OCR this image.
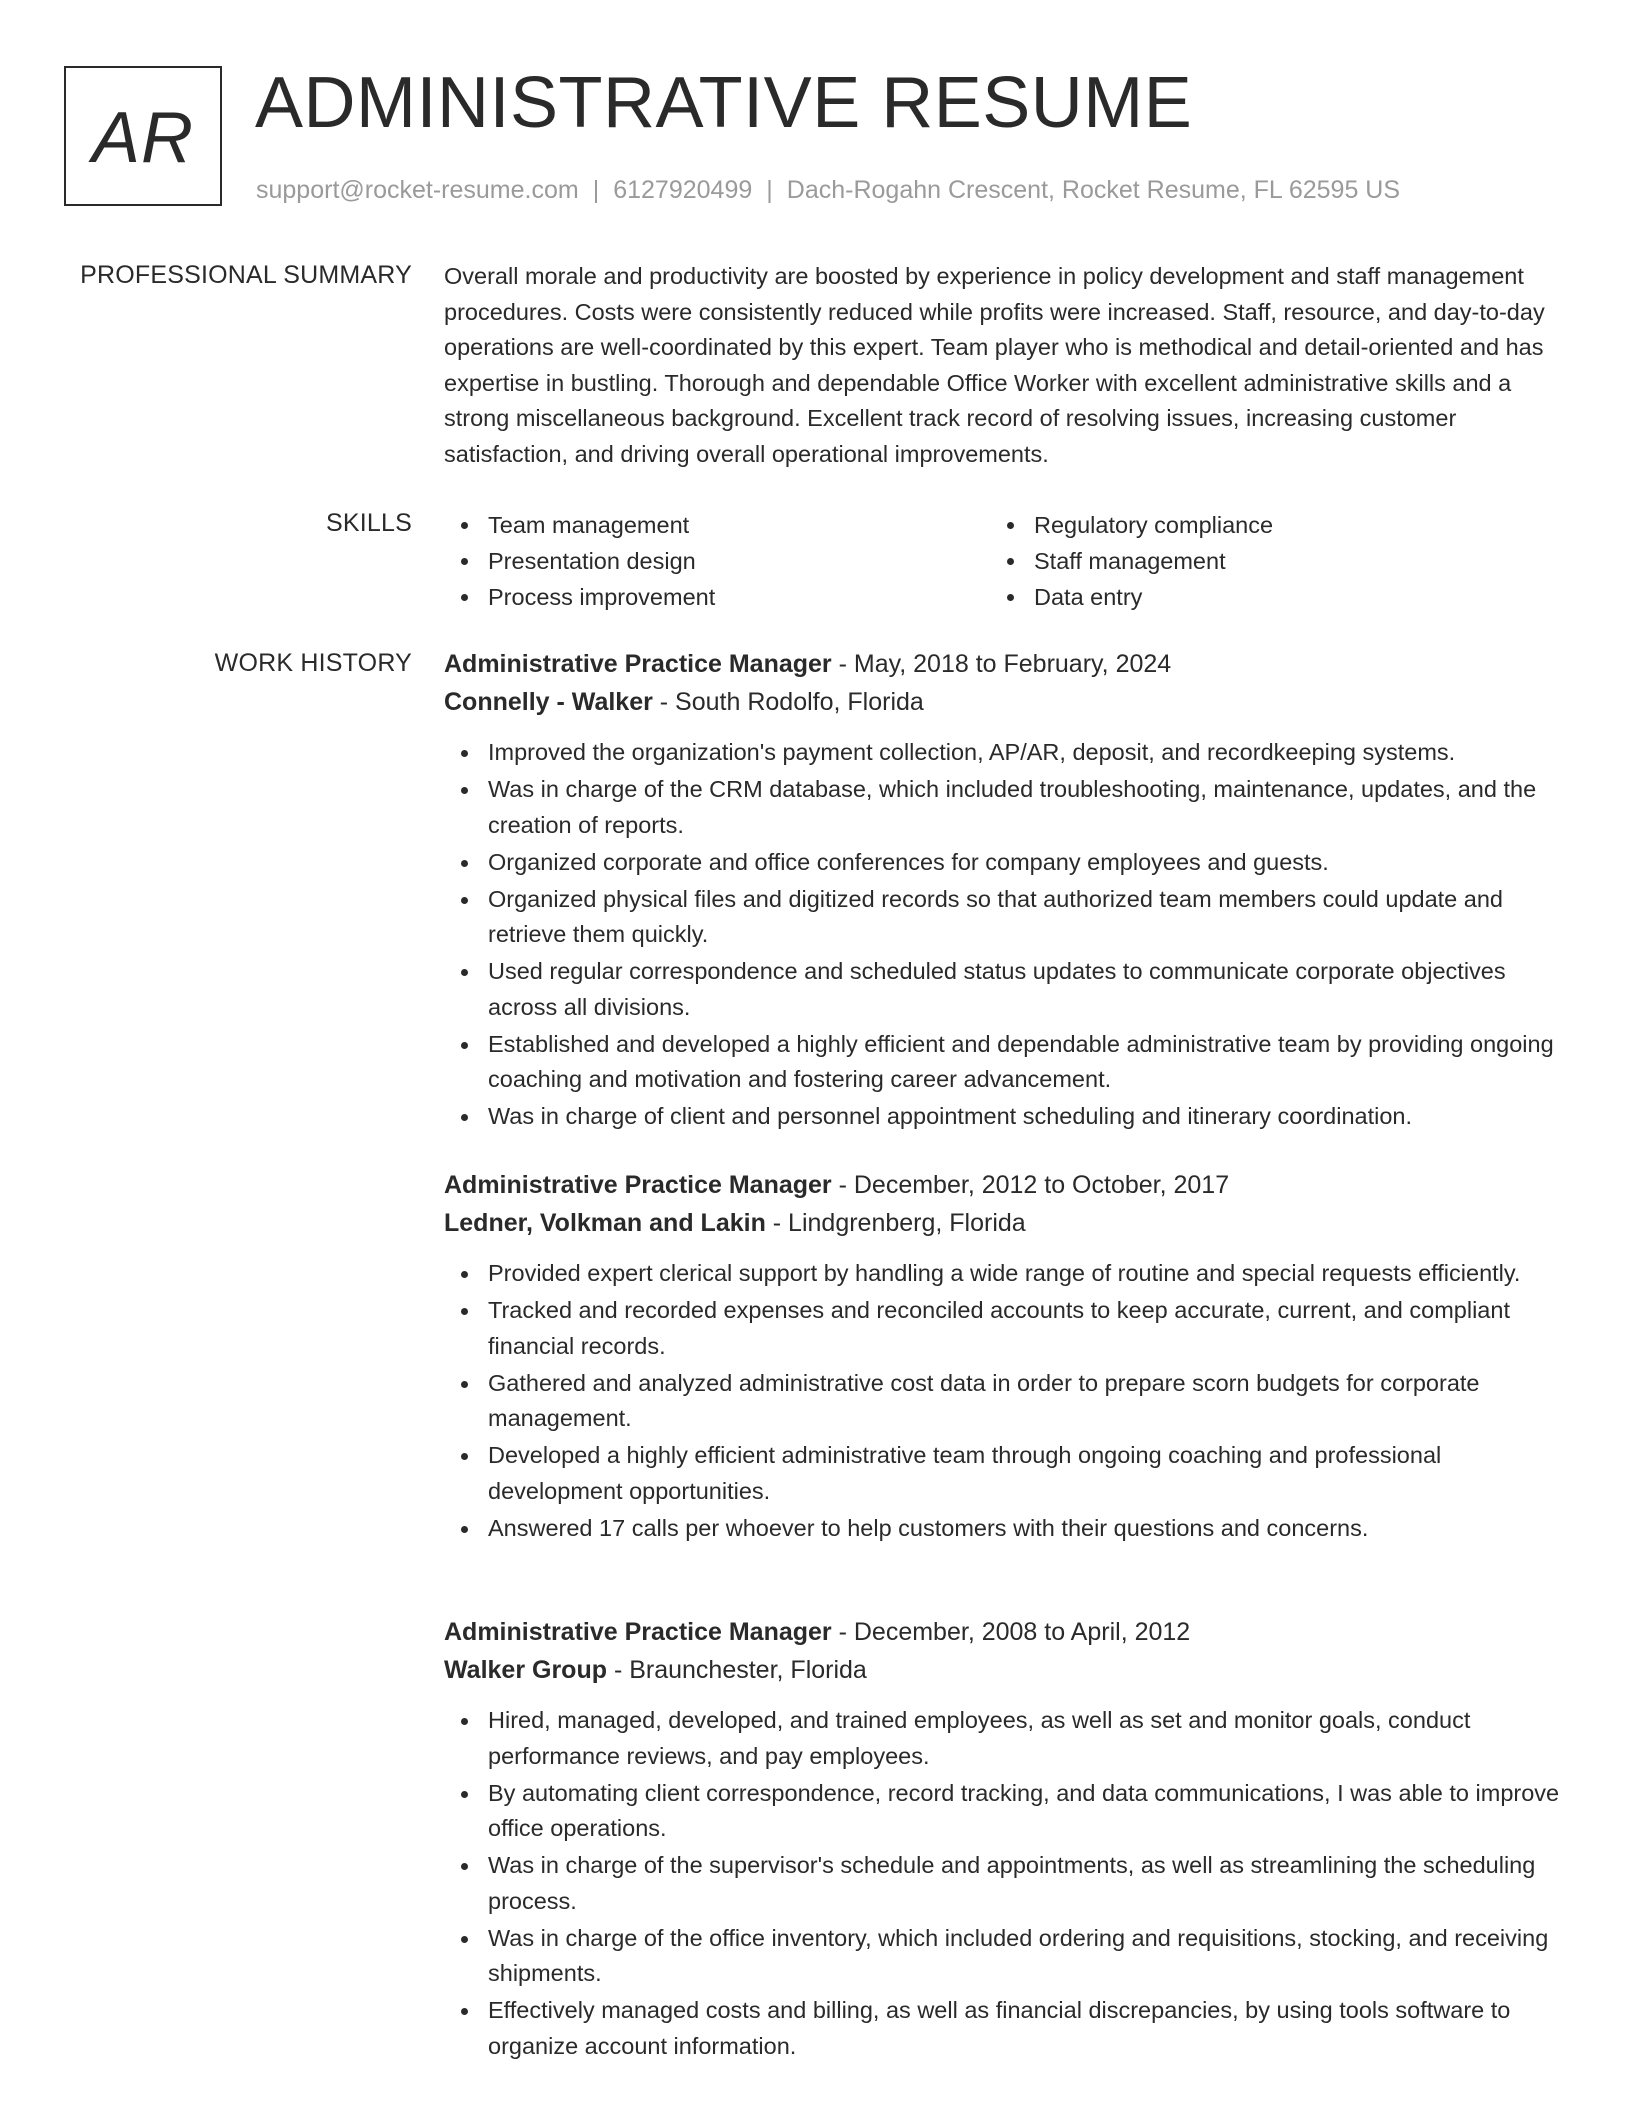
AR ADMINISTRATIVE RESUME
support@rocket-resume.com | 6127920499 | Dach-Rogahn Crescent, Rocket Resume, FL 62595 US
PROFESSIONAL SUMMARY Overall morale and productivity are boosted by experience in policy development and staff management procedures. Costs were consistently reduced while profits were increased. Staff, resource, and day-to-day operations are well-coordinated by this expert. Team player who is methodical and detail-oriented and has expertise in bustling. Thorough and dependable Office Worker with excellent administrative skills and a strong miscellaneous background. Excellent track record of resolving issues, increasing customer satisfaction, and driving overall operational improvements.

SKILLS	Team management
Presentation design
Process improvement
Regulatory compliance
Staff management
Data entry
WORK HISTORY Administrative Practice Manager - May, 2018 to February, 2024
Connelly - Walker - South Rodolfo, Florida
Improved the organization's payment collection, AP/AR, deposit, and recordkeeping systems.
Was in charge of the CRM database, which included troubleshooting, maintenance, updates, and the creation of reports.
Organized corporate and office conferences for company employees and guests.
Organized physical files and digitized records so that authorized team members could update and retrieve them quickly.
Used regular correspondence and scheduled status updates to communicate corporate objectives across all divisions.
Established and developed a highly efficient and dependable administrative team by providing ongoing coaching and motivation and fostering career advancement.
Was in charge of client and personnel appointment scheduling and itinerary coordination.
Administrative Practice Manager - December, 2012 to October, 2017
Ledner, Volkman and Lakin - Lindgrenberg, Florida
Provided expert clerical support by handling a wide range of routine and special requests efficiently.
Tracked and recorded expenses and reconciled accounts to keep accurate, current, and compliant financial records.
Gathered and analyzed administrative cost data in order to prepare scorn budgets for corporate management.
Developed a highly efficient administrative team through ongoing coaching and professional development opportunities.
Answered 17 calls per whoever to help customers with their questions and concerns.
Administrative Practice Manager - December, 2008 to April, 2012
Walker Group - Braunchester, Florida
Hired, managed, developed, and trained employees, as well as set and monitor goals, conduct performance reviews, and pay employees.
By automating client correspondence, record tracking, and data communications, I was able to improve office operations.
Was in charge of the supervisor's schedule and appointments, as well as streamlining the scheduling process.
Was in charge of the office inventory, which included ordering and requisitions, stocking, and receiving shipments.
Effectively managed costs and billing, as well as financial discrepancies, by using tools software to organize account information.
